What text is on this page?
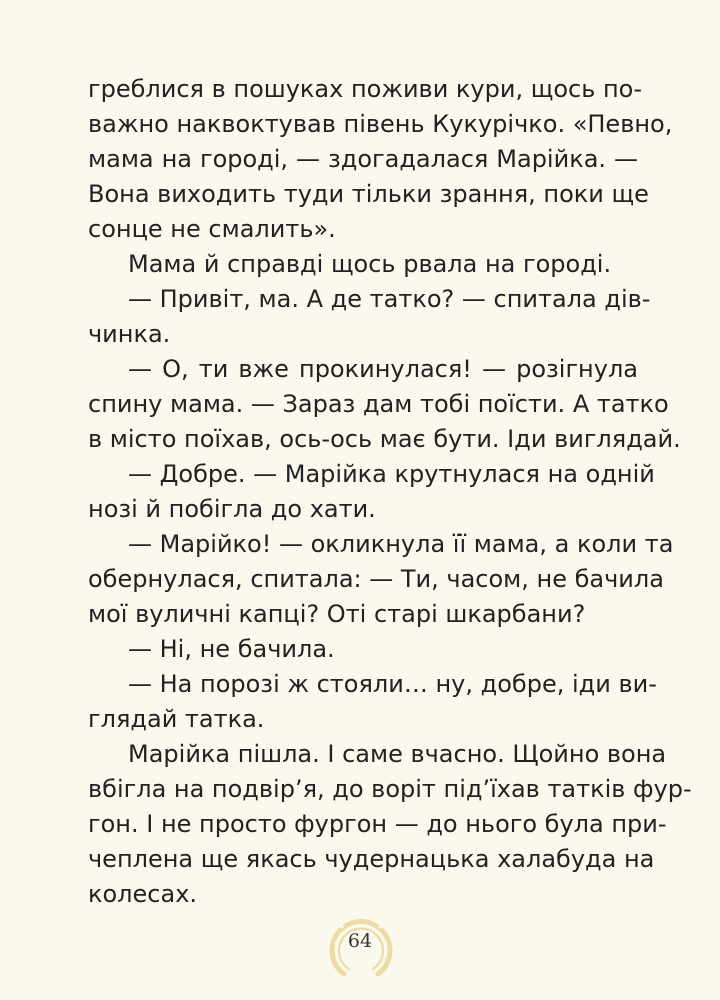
греблися в пошуках поживи кури, щось по-
важно наквоктував півень Кукурічко. «Певно,
мама на городі, — здогадалася Марійка. —
Вона виходить туди тільки зрання, поки ще
сонце не смалить».
Мама й справді щось рвала на городі.
— Привіт, ма. А де татко? — спитала дів-
чинка.
— О, ти вже прокинулася! — розігнула
спину мама. — Зараз дам тобі поїсти. А татко
в місто поїхав, ось-ось має бути. Іди виглядай.
— Добре. — Марійка крутнулася на одній
нозі й побігла до хати.
— Марійко! — окликнула її мама, а коли та
обернулася, спитала: — Ти, часом, не бачила
мої вуличні капці? Оті старі шкарбани?
— Ні, не бачила.
— На порозі ж стояли… ну, добре, іди ви-
глядай татка.
Марійка пішла. І саме вчасно. Щойно вона
вбігла на подвір’я, до воріт під’їхав татків фур-
гон. І не просто фургон — до нього була при-
чеплена ще якась чудернацька халабуда на
колесах.
64
